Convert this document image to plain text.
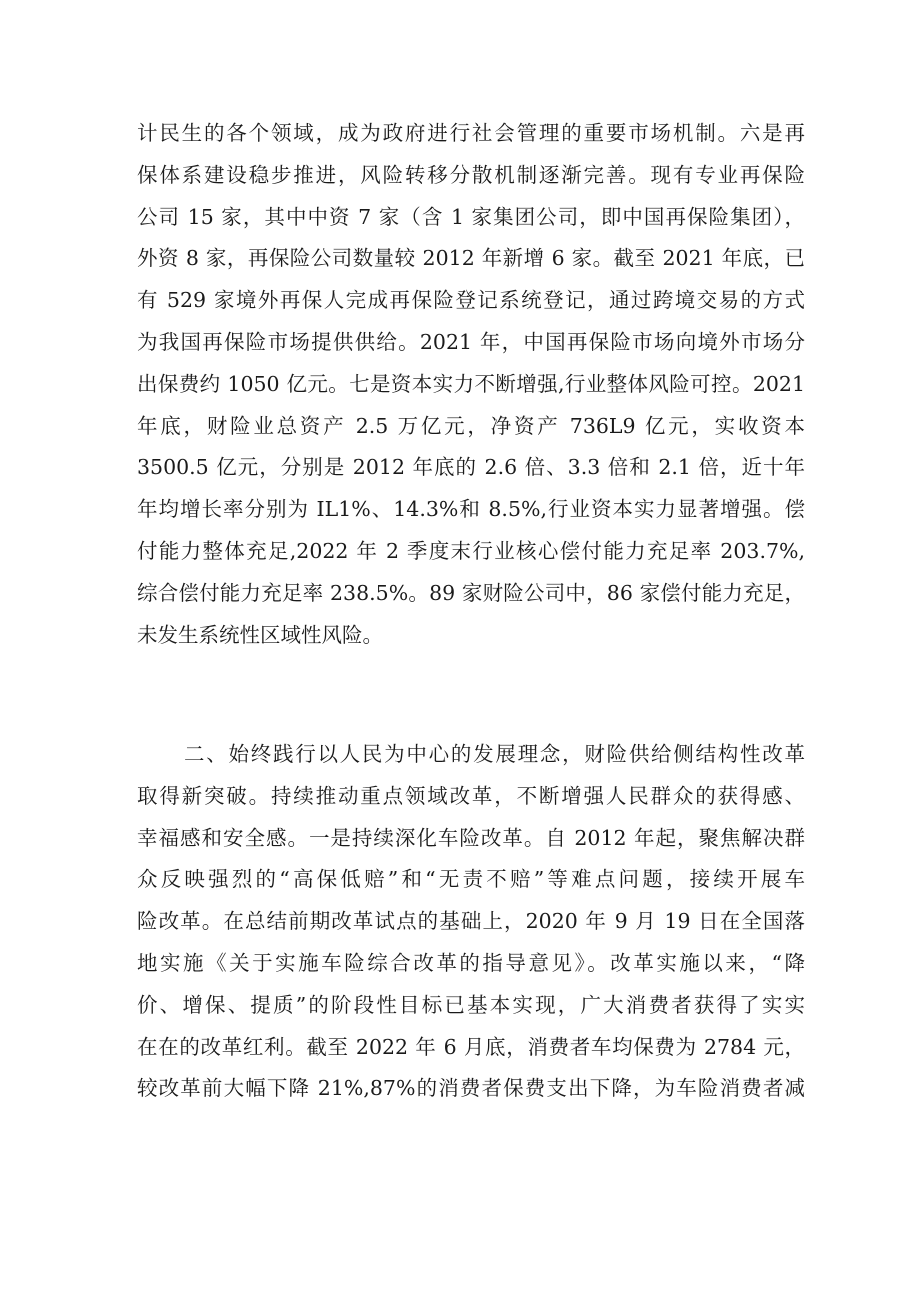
计民生的各个领域，成为政府进行社会管理的重要市场机制。六是再
保体系建设稳步推进，风险转移分散机制逐渐完善。现有专业再保险
公司 15 家，其中中资 7 家（含 1 家集团公司，即中国再保险集团），
外资 8 家，再保险公司数量较 2012 年新增 6 家。截至 2021 年底，已
有 529 家境外再保人完成再保险登记系统登记，通过跨境交易的方式
为我国再保险市场提供供给。2021 年，中国再保险市场向境外市场分
出保费约 1050 亿元。七是资本实力不断增强,行业整体风险可控。2021
年底，财险业总资产 2.5 万亿元，净资产 736L9 亿元，实收资本
3500.5 亿元，分别是 2012 年底的 2.6 倍、3.3 倍和 2.1 倍，近十年
年均增长率分别为 IL1%、14.3%和 8.5%,行业资本实力显著增强。偿
付能力整体充足,2022 年 2 季度末行业核心偿付能力充足率 203.7%,
综合偿付能力充足率 238.5%。89 家财险公司中，86 家偿付能力充足，
未发生系统性区域性风险。
二、始终践行以人民为中心的发展理念，财险供给侧结构性改革
取得新突破。持续推动重点领域改革，不断增强人民群众的获得感、
幸福感和安全感。一是持续深化车险改革。自 2012 年起，聚焦解决群
众反映强烈的“高保低赔”和“无责不赔”等难点问题，接续开展车
险改革。在总结前期改革试点的基础上，2020 年 9 月 19 日在全国落
地实施《关于实施车险综合改革的指导意见》。改革实施以来，“降
价、增保、提质”的阶段性目标已基本实现，广大消费者获得了实实
在在的改革红利。截至 2022 年 6 月底，消费者车均保费为 2784 元，
较改革前大幅下降 21%,87%的消费者保费支出下降，为车险消费者减
